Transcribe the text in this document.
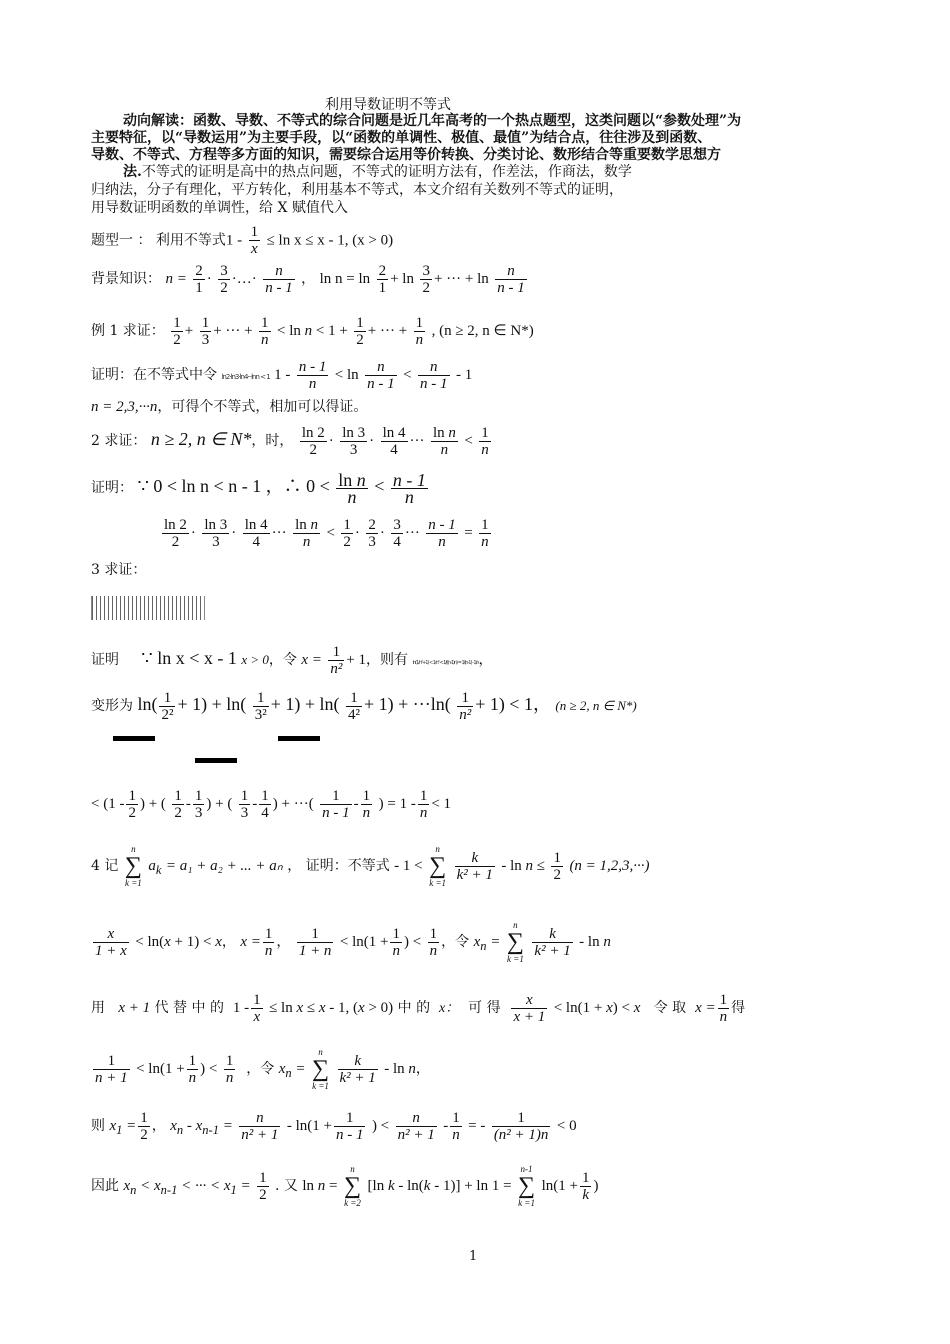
利用导数证明不等式
动向解读：函数、导数、不等式的综合问题是近几年高考的一个热点题型，这类问题以“参数处理”为
主要特征，以“导数运用”为主要手段，以“函数的单调性、极值、最值”为结合点，往往涉及到函数、
导数、不等式、方程等多方面的知识，需要综合运用等价转换、分类讨论、数形结合等重要数学思想方
法.不等式的证明是高中的热点问题，不等式的证明方法有，作差法，作商法，数学
归纳法，分子有理化，平方转化，利用基本不等式，本文介绍有关数列不等式的证明，
用导数证明函数的单调性，给 X 赋值代入
题型一 ： 利用不等式$1 - \frac{1}{x} \le \ln x \le x - 1$, (x > 0)
背景知识： $n = \frac{2}{1} \cdot \frac{3}{2}$ ·…· $\frac{n}{n - 1}$ ， $\ln n = \ln \frac{2}{1} + \ln \frac{3}{2}$ + ··· + $\ln \frac{n}{n - 1}$
例 1 求证： $\frac{1}{2} + \frac{1}{3}$ + ··· + $\frac{1}{n} < \ln n < 1 + \frac{1}{2}$ + ··· + $\frac{1}{n}$ , (n ≥ 2, n ∈ N*)
证明：在不等式中令 ln2·ln3·ln4···lnn < 1 $1 - \frac{n - 1}{n} < \ln \frac{n}{n - 1} < \frac{n}{n - 1} - 1$
n = 2,3,···n，可得个不等式，相加可以得证。
2 求证： n ≥ 2, n ∈ N*，时， $\frac{\ln 2}{2} \cdot \frac{\ln 3}{3} \cdot \frac{\ln 4}{4}$ ··· $\frac{\text{ln n}}{n} < \frac{1}{n}$
证明： ∵ 0 < ln n < n - 1 ，∴ $0 < \frac{\text{ln n}}{n} < \frac{n - 1}{n}$
$\frac{\ln 2}{2} \cdot \frac{\ln 3}{3} \cdot \frac{\ln 4}{4}$ ··· $\frac{\text{ln n}}{n} < \frac{1}{2} \cdot \frac{2}{3} \cdot \frac{3}{4}$ ··· $\frac{n - 1}{n} = \frac{1}{n}$
3 求证：
证明 ∵ ln x < x - 1 x > 0，令 $x = \frac{1}{\text{n²}} + 1$，则有 ln(1/n²+1) < 1/n² < 1/((n-1)n) = 1/(n-1) - 1/n，
变形为 $\ln( \frac{1}{\text{2²}} + 1) + \ln( \frac{1}{\text{3²}} + 1) + \ln( \frac{1}{\text{4²}} + 1) + \cdot\cdot\cdot\ln( \frac{1}{\text{n²}} + 1) < 1$， (n ≥ 2, n ∈ N*)
< ($1 - \frac{1}{2}$ ) + ( $\frac{1}{2} - \frac{1}{3}$ ) + ( $\frac{1}{3} - \frac{1}{4}$ ) + ···( $\frac{1}{n - 1} - \frac{1}{n}$ ) = $1 - \frac{1}{n} < 1$
4 记
n
∑
k =1
$a_k = a_1 + a_2$ + ... + aₙ ， 证明：不等式 - 1 <
n
∑
k =1

$\frac{k}{\text{k² + 1}} - \ln n \le \frac{1}{2} (n = 1,2,3,\cdot\cdot\cdot)$
$\frac{x}{1 + x} < \ln(x + 1) < x$， $x = \frac{1}{n}$ ， $\frac{1}{1 + n} < \ln(1 + \frac{1}{n}$ ) < $\frac{1}{n}$ ，令 $x_n$ =
n
∑
k =1

$\frac{k}{\text{k² + 1}}$ - ln n
用 x + 1 代 替 中 的 $1 - \frac{1}{x} \le \ln x \le x - 1$, (x > 0) 中 的 x： 可 得 $\frac{x}{x + 1} < \ln(1 + x) < x$ 令 取 $x = \frac{1}{n}$ 得
$\frac{1}{n + 1} < \ln(1 + \frac{1}{n}$ ) < $\frac{1}{n}$ ，令 $x_n$ =
n
∑
k =1

$\frac{k}{\text{k² + 1}}$ - ln n，
则 $x_1 = \frac{1}{2}$ ， $x_n - x_{n-1} = \frac{n}{\text{n² + 1}} - \ln(1 + \frac{1}{n - 1}$ ) < $\frac{n}{\text{n² + 1}} - \frac{1}{n}$ = - $\frac{1}{\text{(n² + 1)n}} < 0$
因此 $x_n < x_{n-1}$ < ··· < $x_1 = \frac{1}{2}$ . 又 ln n =
n
∑
k =2
[ln k - ln(k - 1)] + ln 1 =
n-1
∑
k =1
$\ln(1 + \frac{1}{k}$ )
1
